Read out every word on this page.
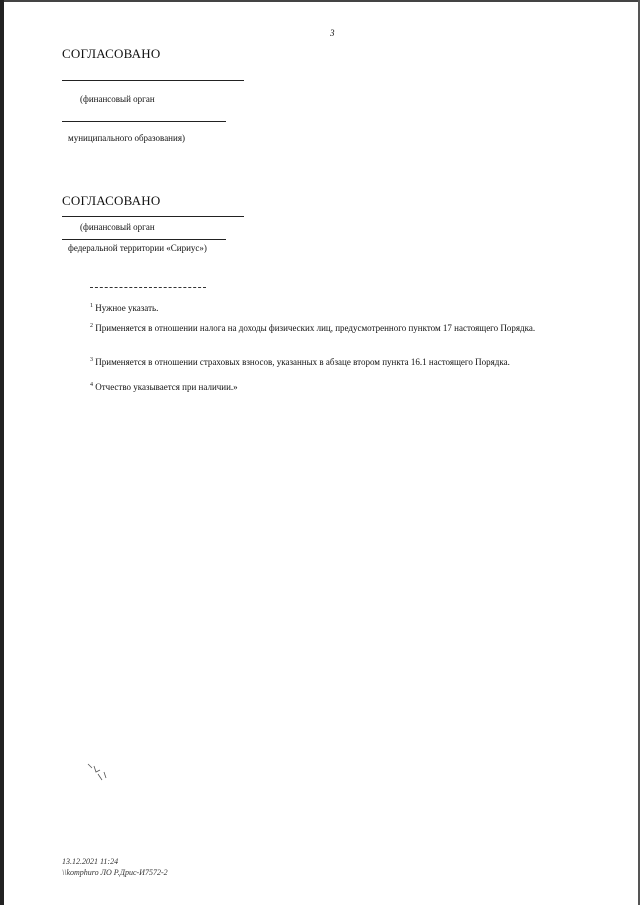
3
СОГЛАСОВАНО
(финансовый орган
муниципального образования)
СОГЛАСОВАНО
(финансовый орган
федеральной территории «Сириус»)
$^1$ Нужное указать.
$^2$ Применяется в отношении налога на доходы физических лиц, предусмотренного пунктом 17 настоящего Порядка.
$^3$ Применяется в отношении страховых взносов, указанных в абзаце втором пункта 16.1 настоящего Порядка.
$^4$ Отчество указывается при наличии.»
13.12.2021 11:24
\\komphuro ЛО Р.Дрис-И7572-2
